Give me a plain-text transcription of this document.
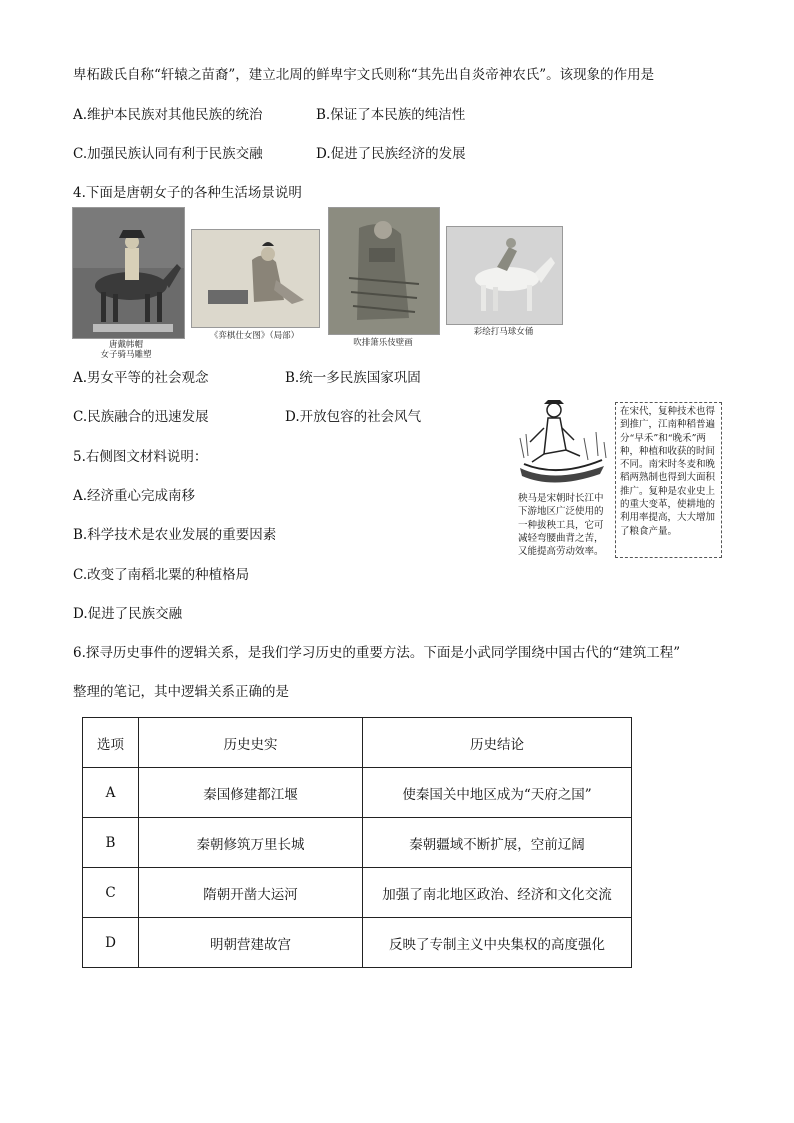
卑柘跋氏自称“轩辕之苗裔”，建立北周的鲜卑宇文氏则称“其先出自炎帝神农氏”。该现象的作用是
A.维护本民族对其他民族的统治	B.保证了本民族的纯洁性
C.加强民族认同有利于民族交融	D.促进了民族经济的发展
4.下面是唐朝女子的各种生活场景说明
唐戴帏帽
女子骑马雕塑
《弈棋仕女图》（局部）
吹排箫乐伎壁画
彩绘打马球女俑
A.男女平等的社会观念	B.统一多民族国家巩固
C.民族融合的迅速发展	D.开放包容的社会风气
5.右侧图文材料说明：
A.经济重心完成南移
B.科学技术是农业发展的重要因素
C.改变了南稻北粟的种植格局
D.促进了民族交融
秧马是宋朝时长江中下游地区广泛使用的一种拔秧工具，它可减轻弯腰曲背之苦，又能提高劳动效率。
在宋代，复种技术也得到推广，江南种稻普遍分“早禾”和“晚禾”两种，种植和收获的时间不同。南宋时冬麦和晚稻两熟制也得到大面积推广。复种是农业史上的重大变革，使耕地的利用率提高，大大增加了粮食产量。
6.探寻历史事件的逻辑关系，是我们学习历史的重要方法。下面是小武同学围绕中国古代的“建筑工程”
整理的笔记，其中逻辑关系正确的是
选项	历史史实	历史结论
A	秦国修建都江堰	使秦国关中地区成为“天府之国”
B	秦朝修筑万里长城	秦朝疆域不断扩展，空前辽阔
C	隋朝开凿大运河	加强了南北地区政治、经济和文化交流
D	明朝营建故宫	反映了专制主义中央集权的高度强化
